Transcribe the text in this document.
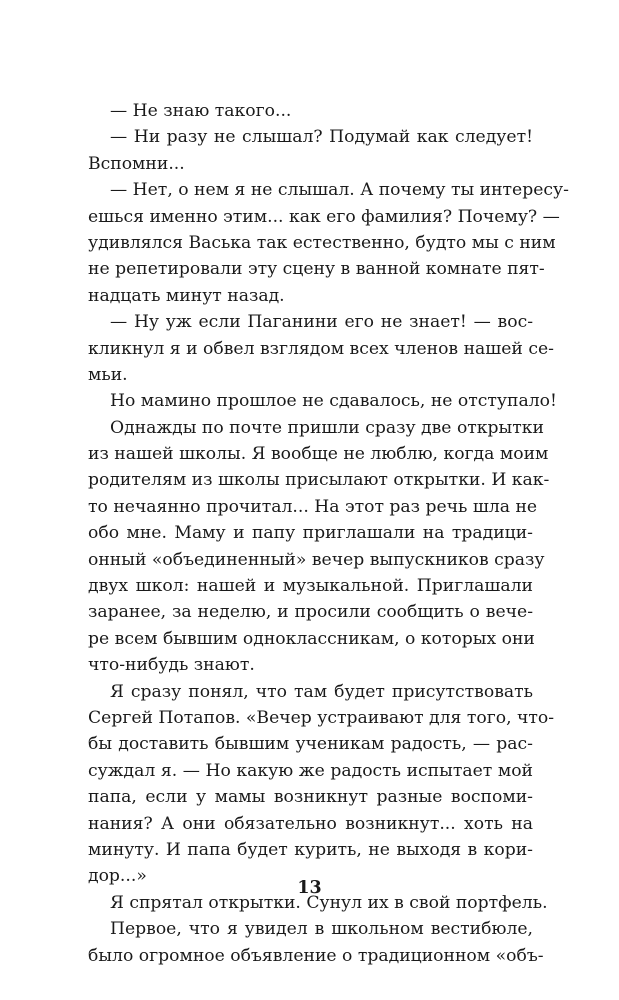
— Не знаю такого...
— Ни разу не слышал? Подумай как следует!
Вспомни...
— Нет, о нем я не слышал. А почему ты интересу-
ешься именно этим... как его фамилия? Почему? —
удивлялся Васька так естественно, будто мы с ним
не репетировали эту сцену в ванной комнате пят-
надцать минут назад.
— Ну уж если Паганини его не знает! — вос-
кликнул я и обвел взглядом всех членов нашей се-
мьи.
Но мамино прошлое не сдавалось, не отступало!
Однажды по почте пришли сразу две открытки
из нашей школы. Я вообще не люблю, когда моим
родителям из школы присылают открытки. И как-
то нечаянно прочитал... На этот раз речь шла не
обо мне. Маму и папу приглашали на традици-
онный «объединенный» вечер выпускников сразу
двух школ: нашей и музыкальной. Приглашали
заранее, за неделю, и просили сообщить о вече-
ре всем бывшим одноклассникам, о которых они
что-нибудь знают.
Я сразу понял, что там будет присутствовать
Сергей Потапов. «Вечер устраивают для того, что-
бы доставить бывшим ученикам радость, — рас-
суждал я. — Но какую же радость испытает мой
папа, если у мамы возникнут разные воспоми-
нания? А они обязательно возникнут... хоть на
минуту. И папа будет курить, не выходя в кори-
дор...»
Я спрятал открытки. Сунул их в свой портфель.
Первое, что я увидел в школьном вестибюле,
было огромное объявление о традиционном «объ-
13
